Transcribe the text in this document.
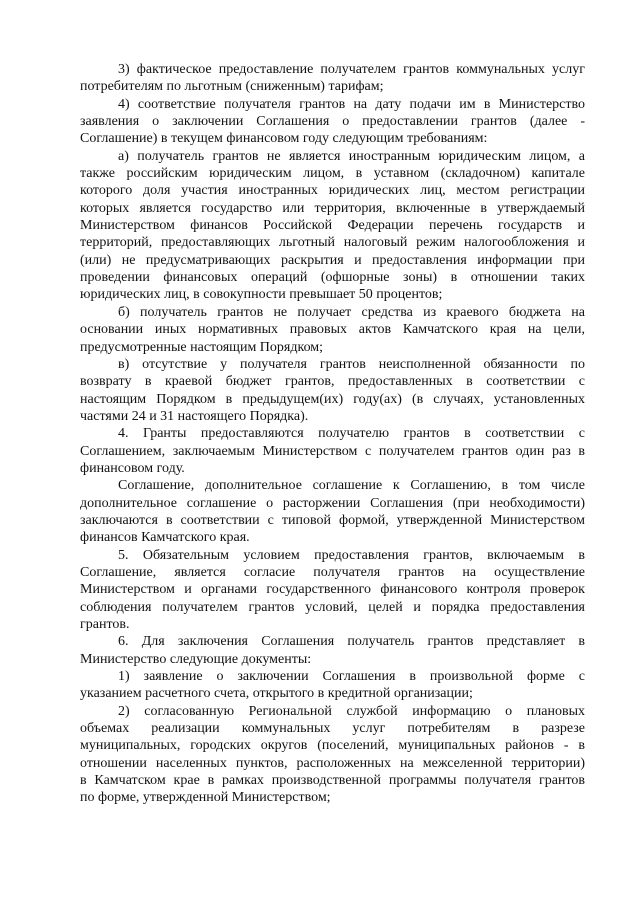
3) фактическое предоставление получателем грантов коммунальных услуг
потребителям по льготным (сниженным) тарифам;
4) соответствие получателя грантов на дату подачи им в Министерство
заявления о заключении Соглашения о предоставлении грантов (далее -
Соглашение) в текущем финансовом году следующим требованиям:
а) получатель грантов не является иностранным юридическим лицом, а
также российским юридическим лицом, в уставном (складочном) капитале
которого доля участия иностранных юридических лиц, местом регистрации
которых является государство или территория, включенные в утверждаемый
Министерством финансов Российской Федерации перечень государств и
территорий, предоставляющих льготный налоговый режим налогообложения и
(или) не предусматривающих раскрытия и предоставления информации при
проведении финансовых операций (офшорные зоны) в отношении таких
юридических лиц, в совокупности превышает 50 процентов;
б) получатель грантов не получает средства из краевого бюджета на
основании иных нормативных правовых актов Камчатского края на цели,
предусмотренные настоящим Порядком;
в) отсутствие у получателя грантов неисполненной обязанности по
возврату в краевой бюджет грантов, предоставленных в соответствии с
настоящим Порядком в предыдущем(их) году(ах) (в случаях, установленных
частями 24 и 31 настоящего Порядка).
4. Гранты предоставляются получателю грантов в соответствии с
Соглашением, заключаемым Министерством с получателем грантов один раз в
финансовом году.
Соглашение, дополнительное соглашение к Соглашению, в том числе
дополнительное соглашение о расторжении Соглашения (при необходимости)
заключаются в соответствии с типовой формой, утвержденной Министерством
финансов Камчатского края.
5. Обязательным условием предоставления грантов, включаемым в
Соглашение, является согласие получателя грантов на осуществление
Министерством и органами государственного финансового контроля проверок
соблюдения получателем грантов условий, целей и порядка предоставления
грантов.
6. Для заключения Соглашения получатель грантов представляет в
Министерство следующие документы:
1) заявление о заключении Соглашения в произвольной форме с
указанием расчетного счета, открытого в кредитной организации;
2) согласованную Региональной службой информацию о плановых
объемах реализации коммунальных услуг потребителям в разрезе
муниципальных, городских округов (поселений, муниципальных районов - в
отношении населенных пунктов, расположенных на межселенной территории)
в Камчатском крае в рамках производственной программы получателя грантов
по форме, утвержденной Министерством;
